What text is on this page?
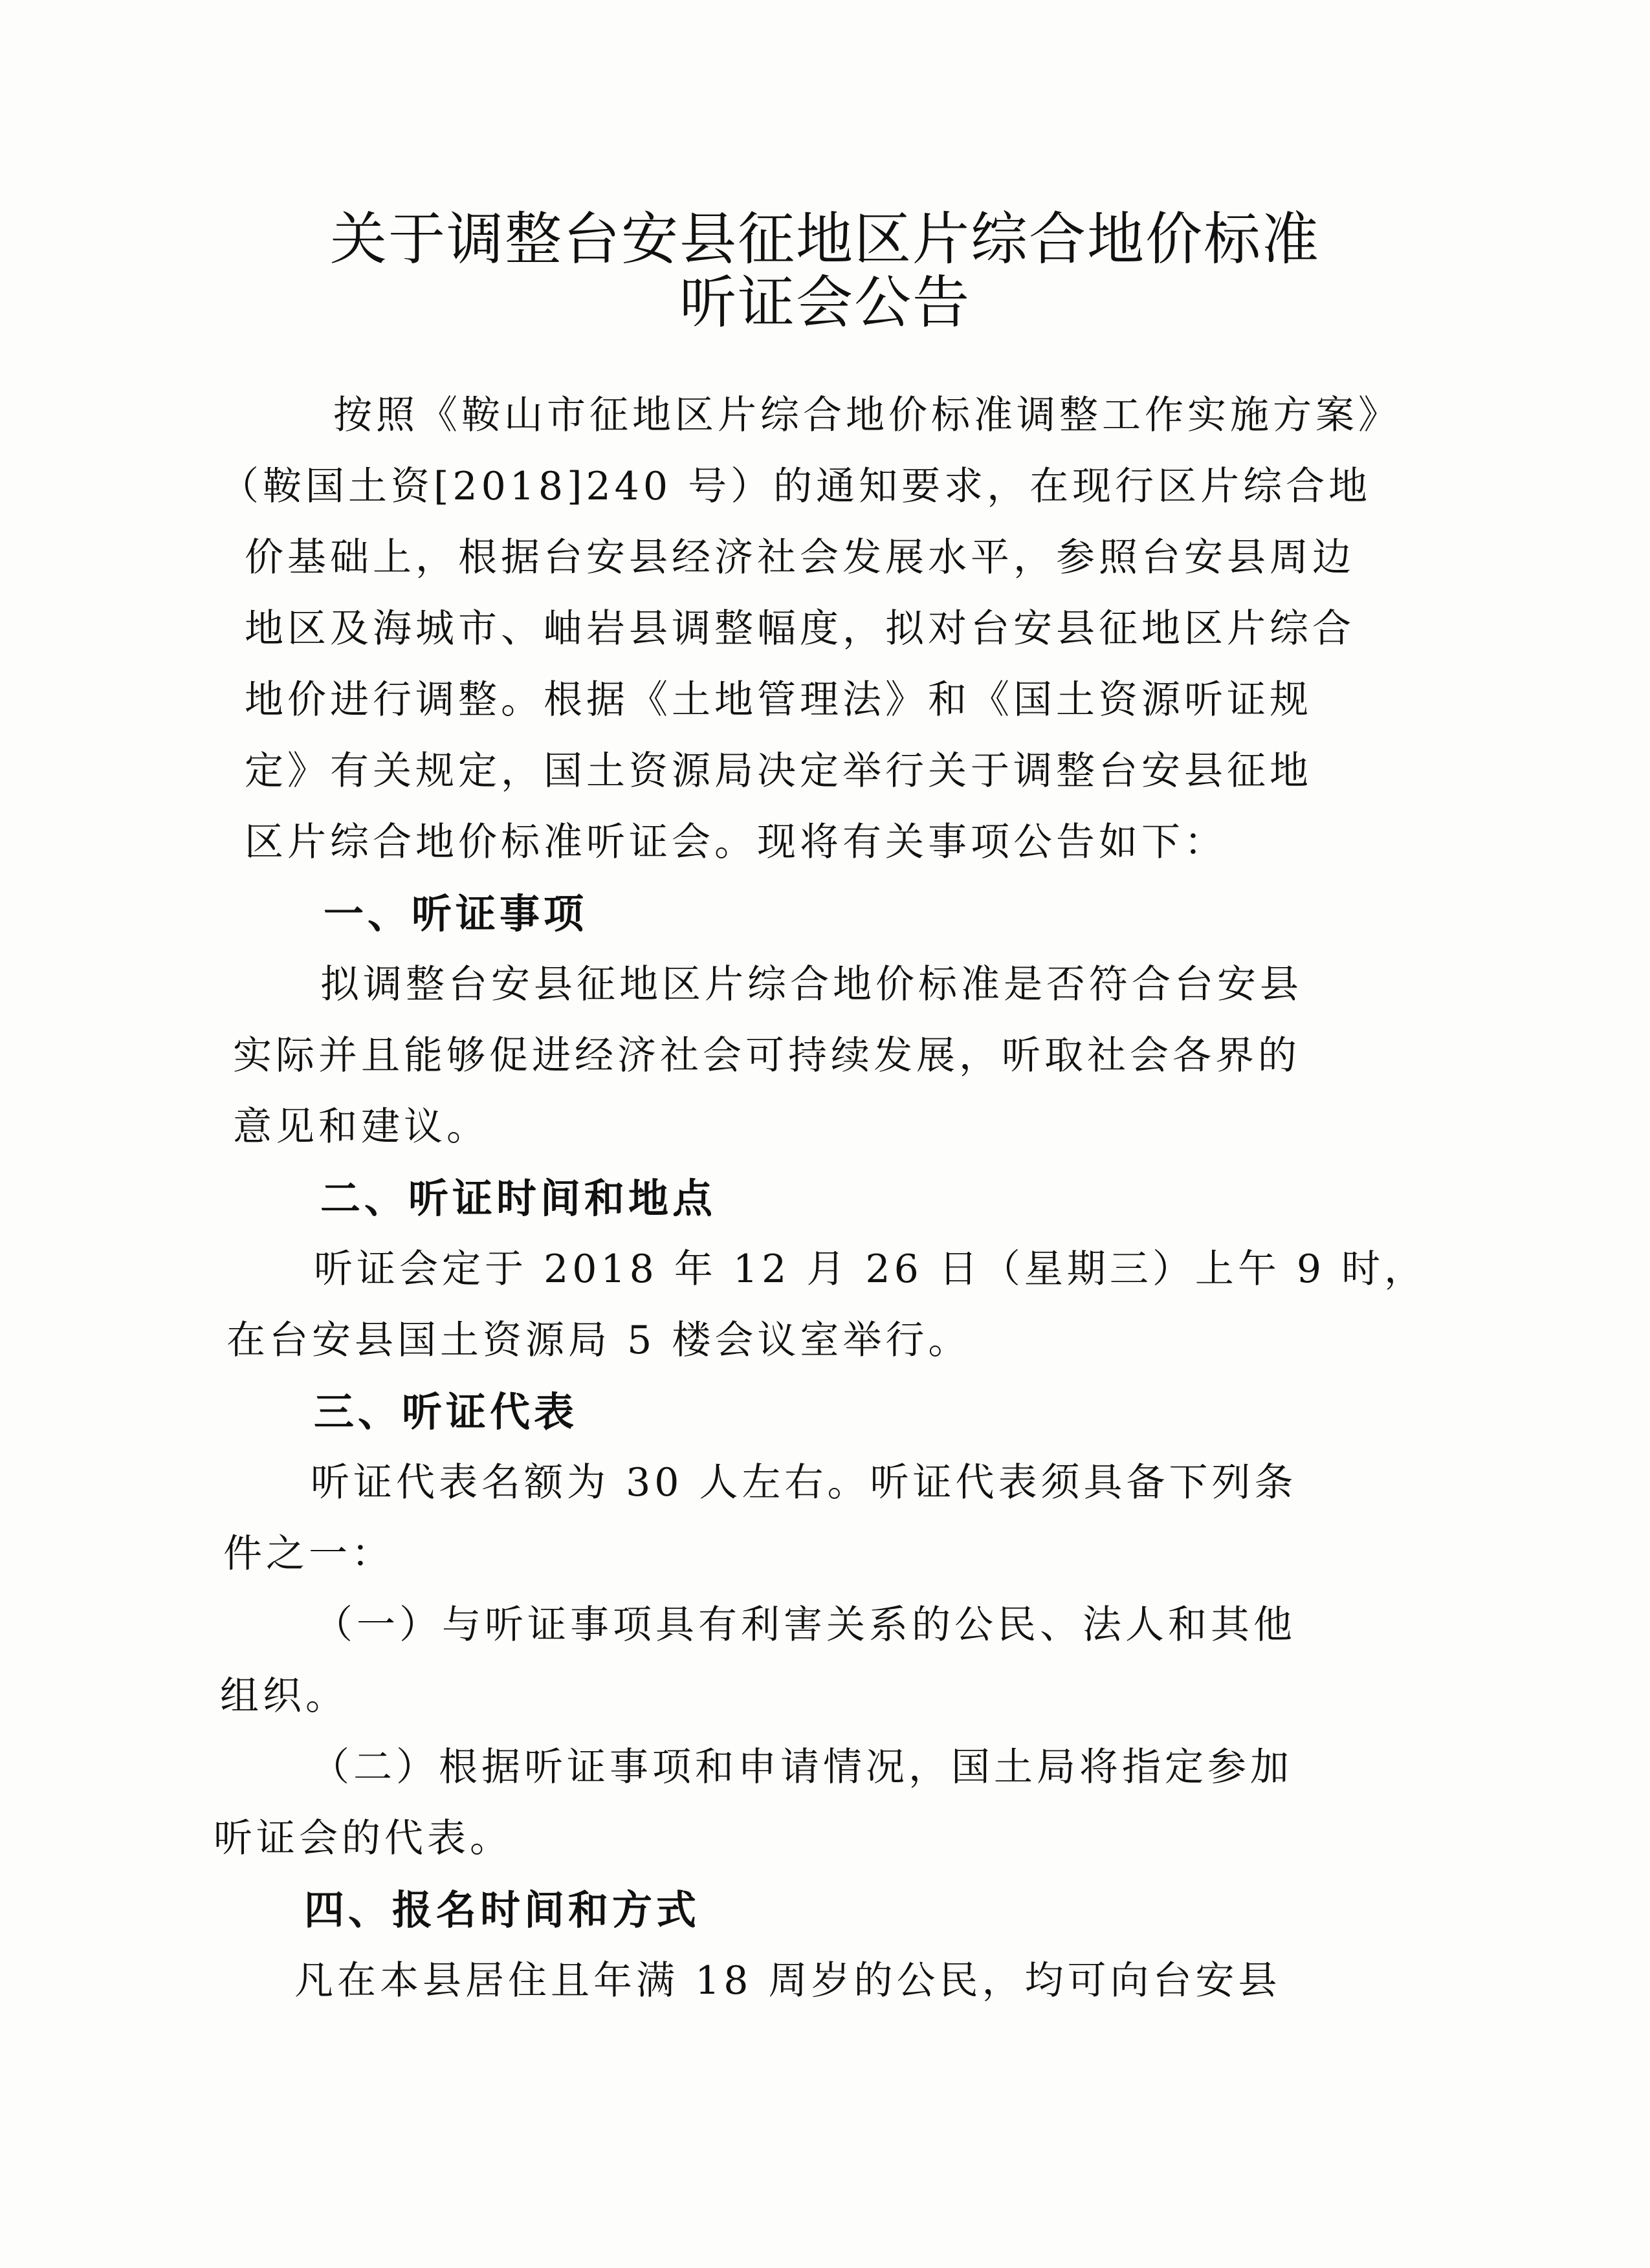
关于调整台安县征地区片综合地价标准
听证会公告
按照《鞍山市征地区片综合地价标准调整工作实施方案》
（鞍国土资[2018]240 号）的通知要求，在现行区片综合地
价基础上，根据台安县经济社会发展水平，参照台安县周边
地区及海城市、岫岩县调整幅度，拟对台安县征地区片综合
地价进行调整。根据《土地管理法》和《国土资源听证规
定》有关规定，国土资源局决定举行关于调整台安县征地
区片综合地价标准听证会。现将有关事项公告如下：
一、听证事项
拟调整台安县征地区片综合地价标准是否符合台安县
实际并且能够促进经济社会可持续发展，听取社会各界的
意见和建议。
二、听证时间和地点
听证会定于 2018 年 12 月 26 日（星期三）上午 9 时，
在台安县国土资源局 5 楼会议室举行。
三、听证代表
听证代表名额为 30 人左右。听证代表须具备下列条
件之一：
（一）与听证事项具有利害关系的公民、法人和其他
组织。
（二）根据听证事项和申请情况，国土局将指定参加
听证会的代表。
四、报名时间和方式
凡在本县居住且年满 18 周岁的公民，均可向台安县
